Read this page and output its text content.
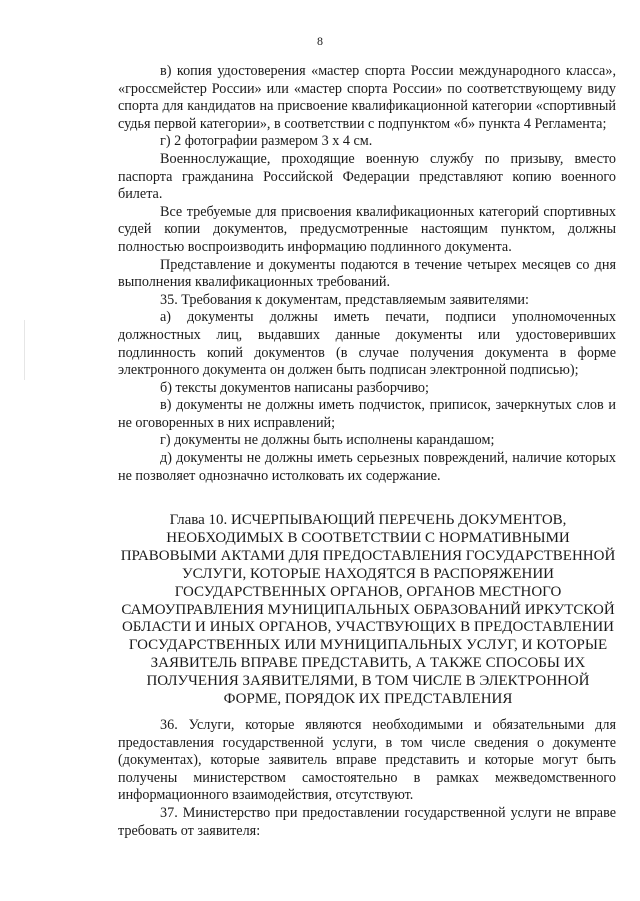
8

в) копия удостоверения «мастер спорта России международного класса», «гроссмейстер России» или «мастер спорта России» по соответствующему виду спорта для кандидатов на присвоение квалификационной категории «спортивный судья первой категории», в соответствии с подпунктом «б» пункта 4 Регламента;

г) 2 фотографии размером 3 х 4 см.

Военнослужащие, проходящие военную службу по призыву, вместо паспорта гражданина Российской Федерации представляют копию военного билета.

Все требуемые для присвоения квалификационных категорий спортивных судей копии документов, предусмотренные настоящим пунктом, должны полностью воспроизводить информацию подлинного документа.

Представление и документы подаются в течение четырех месяцев со дня выполнения квалификационных требований.

35. Требования к документам, представляемым заявителями:

а) документы должны иметь печати, подписи уполномоченных должностных лиц, выдавших данные документы или удостоверивших подлинность копий документов (в случае получения документа в форме электронного документа он должен быть подписан электронной подписью);

б) тексты документов написаны разборчиво;

в) документы не должны иметь подчисток, приписок, зачеркнутых слов и не оговоренных в них исправлений;

г) документы не должны быть исполнены карандашом;

д) документы не должны иметь серьезных повреждений, наличие которых не позволяет однозначно истолковать их содержание.

Глава 10. ИСЧЕРПЫВАЮЩИЙ ПЕРЕЧЕНЬ ДОКУМЕНТОВ, НЕОБХОДИМЫХ В СООТВЕТСТВИИ С НОРМАТИВНЫМИ ПРАВОВЫМИ АКТАМИ ДЛЯ ПРЕДОСТАВЛЕНИЯ ГОСУДАРСТВЕННОЙ УСЛУГИ, КОТОРЫЕ НАХОДЯТСЯ В РАСПОРЯЖЕНИИ ГОСУДАРСТВЕННЫХ ОРГАНОВ, ОРГАНОВ МЕСТНОГО САМОУПРАВЛЕНИЯ МУНИЦИПАЛЬНЫХ ОБРАЗОВАНИЙ ИРКУТСКОЙ ОБЛАСТИ И ИНЫХ ОРГАНОВ, УЧАСТВУЮЩИХ В ПРЕДОСТАВЛЕНИИ ГОСУДАРСТВЕННЫХ ИЛИ МУНИЦИПАЛЬНЫХ УСЛУГ, И КОТОРЫЕ ЗАЯВИТЕЛЬ ВПРАВЕ ПРЕДСТАВИТЬ, А ТАКЖЕ СПОСОБЫ ИХ ПОЛУЧЕНИЯ ЗАЯВИТЕЛЯМИ, В ТОМ ЧИСЛЕ В ЭЛЕКТРОННОЙ ФОРМЕ, ПОРЯДОК ИХ ПРЕДСТАВЛЕНИЯ

36. Услуги, которые являются необходимыми и обязательными для предоставления государственной услуги, в том числе сведения о документе (документах), которые заявитель вправе представить и которые могут быть получены министерством самостоятельно в рамках межведомственного информационного взаимодействия, отсутствуют.

37. Министерство при предоставлении государственной услуги не вправе требовать от заявителя:
